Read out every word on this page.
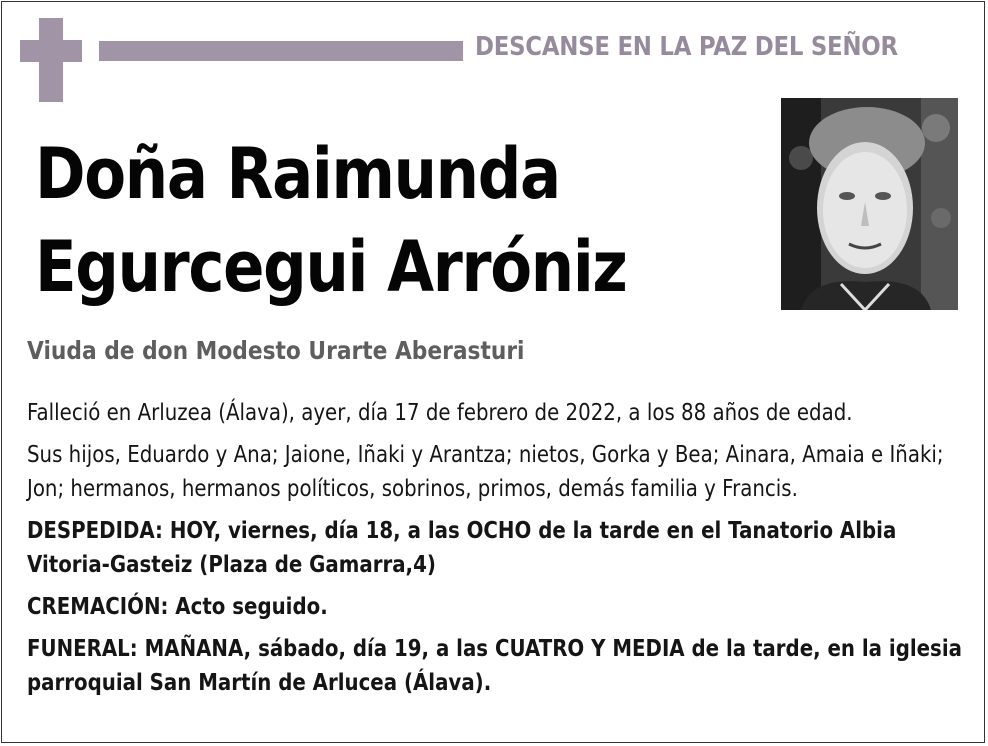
DESCANSE EN LA PAZ DEL SEÑOR
Doña Raimunda
Egurcegui Arróniz
Viuda de don Modesto Urarte Aberasturi

Falleció en Arluzea (Álava), ayer, día 17 de febrero de 2022, a los 88 años de edad.

Sus hijos, Eduardo y Ana; Jaione, Iñaki y Arantza; nietos, Gorka y Bea; Ainara, Amaia e Iñaki; Jon; hermanos, hermanos políticos, sobrinos, primos, demás familia y Francis.

DESPEDIDA: HOY, viernes, día 18, a las OCHO de la tarde en el Tanatorio Albia Vitoria-Gasteiz (Plaza de Gamarra,4)

CREMACIÓN: Acto seguido.

FUNERAL: MAÑANA, sábado, día 19, a las CUATRO Y MEDIA de la tarde, en la iglesia parroquial San Martín de Arlucea (Álava).
